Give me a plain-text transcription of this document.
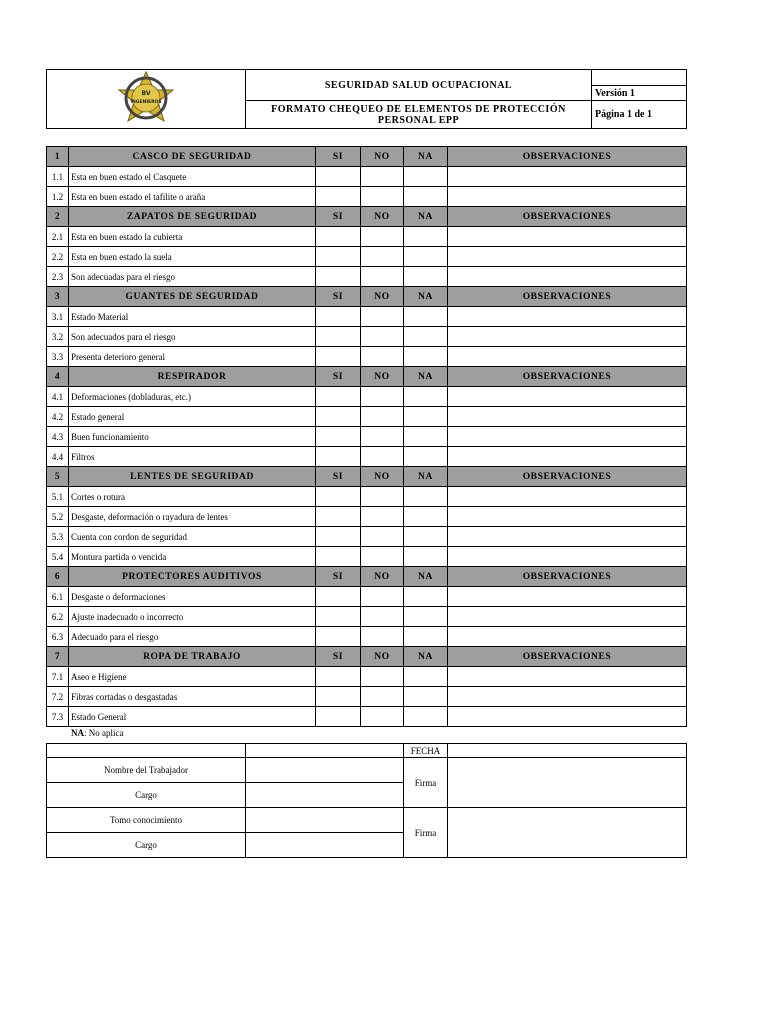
BV
INGENIEROS	SEGURIDAD SALUD OCUPACIONAL	
		Versión 1

	FORMATO CHEQUEO DE ELEMENTOS DE PROTECCIÓN
PERSONAL EPP	Página 1 de 1

1	CASCO DE SEGURIDAD	SI	NO	NA	OBSERVACIONES
1.1	Esta en buen estado el Casquete				
1.2	Esta en buen estado el tafilite o araña				
2	ZAPATOS DE SEGURIDAD	SI	NO	NA	OBSERVACIONES
2.1	Esta en buen estado la cubierta				
2.2	Esta en buen estado la suela				
2.3	Son adecuadas para el riesgo				
3	GUANTES DE SEGURIDAD	SI	NO	NA	OBSERVACIONES
3.1	Estado Material				
3.2	Son adecuados para el riesgo				
3.3	Presenta deterioro general				
4	RESPIRADOR	SI	NO	NA	OBSERVACIONES
4.1	Deformaciones (dobladuras, etc.)				
4.2	Estado general				
4.3	Buen funcionamiento				
4.4	Filtros				
5	LENTES DE SEGURIDAD	SI	NO	NA	OBSERVACIONES
5.1	Cortes o rotura				
5.2	Desgaste, deformación o rayadura de lentes				
5.3	Cuenta con cordon de seguridad				
5.4	Montura partida o vencida				
6	PROTECTORES AUDITIVOS	SI	NO	NA	OBSERVACIONES
6.1	Desgaste o deformaciones				
6.2	Ajuste inadecuado o incorrecto				
6.3	Adecuado para el riesgo				
7	ROPA DE TRABAJO	SI	NO	NA	OBSERVACIONES
7.1	Aseo e Higiene				
7.2	Fibras cortadas o desgastadas				
7.3	Estado General				
NA: No aplica
		FECHA	
Nombre del Trabajador		Firma	
Cargo			
Tomo conocimiento		Firma	
Cargo			
